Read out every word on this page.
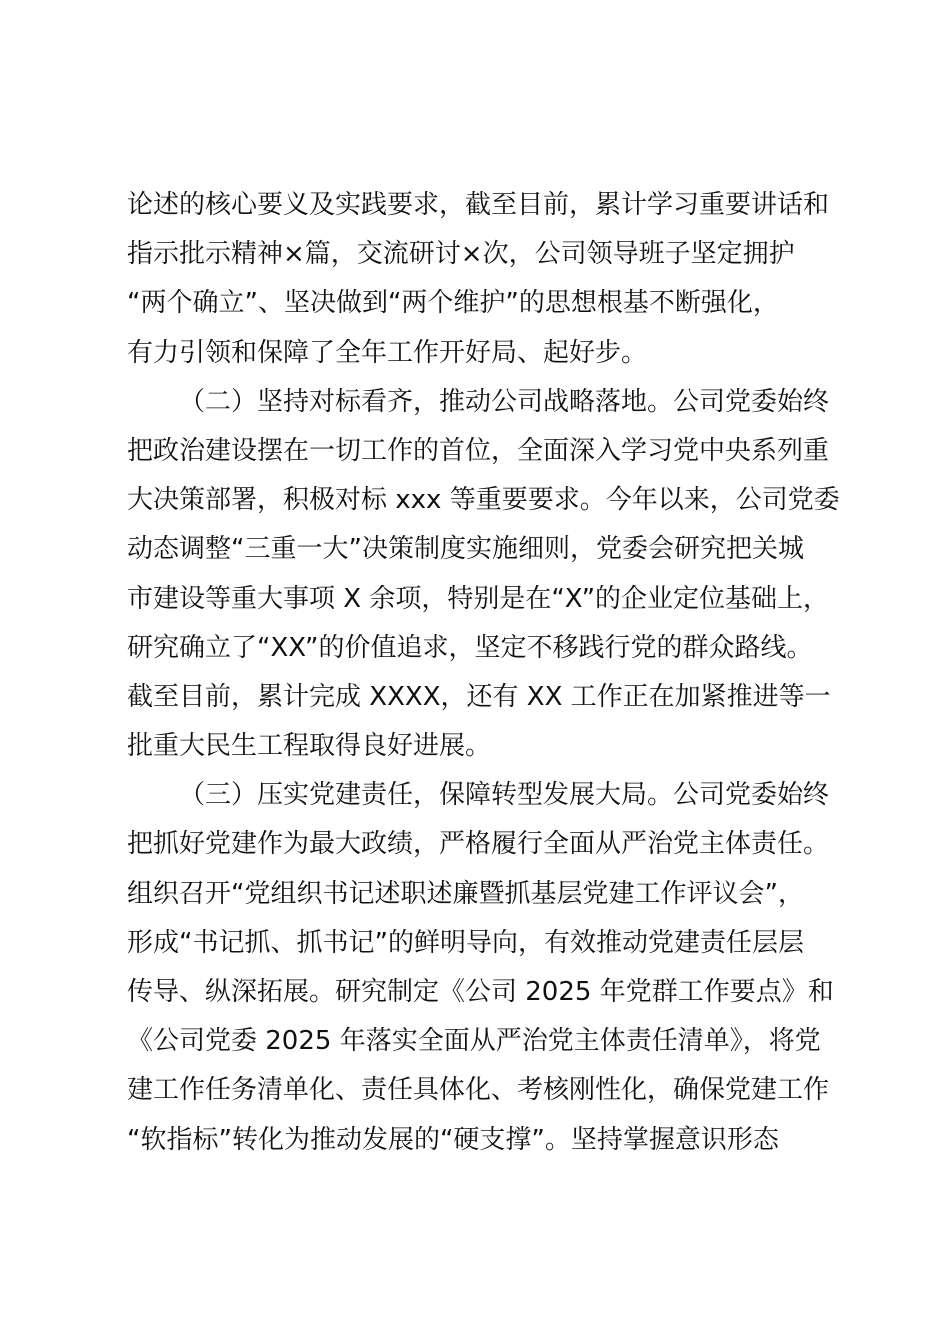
论述的核心要义及实践要求，截至目前，累计学习重要讲话和
指示批示精神×篇，交流研讨×次，公司领导班子坚定拥护
“两个确立”、坚决做到“两个维护”的思想根基不断强化，
有力引领和保障了全年工作开好局、起好步。
（二）坚持对标看齐，推动公司战略落地。公司党委始终
把政治建设摆在一切工作的首位，全面深入学习党中央系列重
大决策部署，积极对标 xxx 等重要要求。今年以来，公司党委
动态调整“三重一大”决策制度实施细则，党委会研究把关城
市建设等重大事项 X 余项，特别是在“X”的企业定位基础上，
研究确立了“XX”的价值追求，坚定不移践行党的群众路线。
截至目前，累计完成 XXXX，还有 XX 工作正在加紧推进等一
批重大民生工程取得良好进展。
（三）压实党建责任，保障转型发展大局。公司党委始终
把抓好党建作为最大政绩，严格履行全面从严治党主体责任。
组织召开“党组织书记述职述廉暨抓基层党建工作评议会”，
形成“书记抓、抓书记”的鲜明导向，有效推动党建责任层层
传导、纵深拓展。研究制定《公司 2025 年党群工作要点》和
《公司党委 2025 年落实全面从严治党主体责任清单》，将党
建工作任务清单化、责任具体化、考核刚性化，确保党建工作
“软指标”转化为推动发展的“硬支撑”。坚持掌握意识形态
